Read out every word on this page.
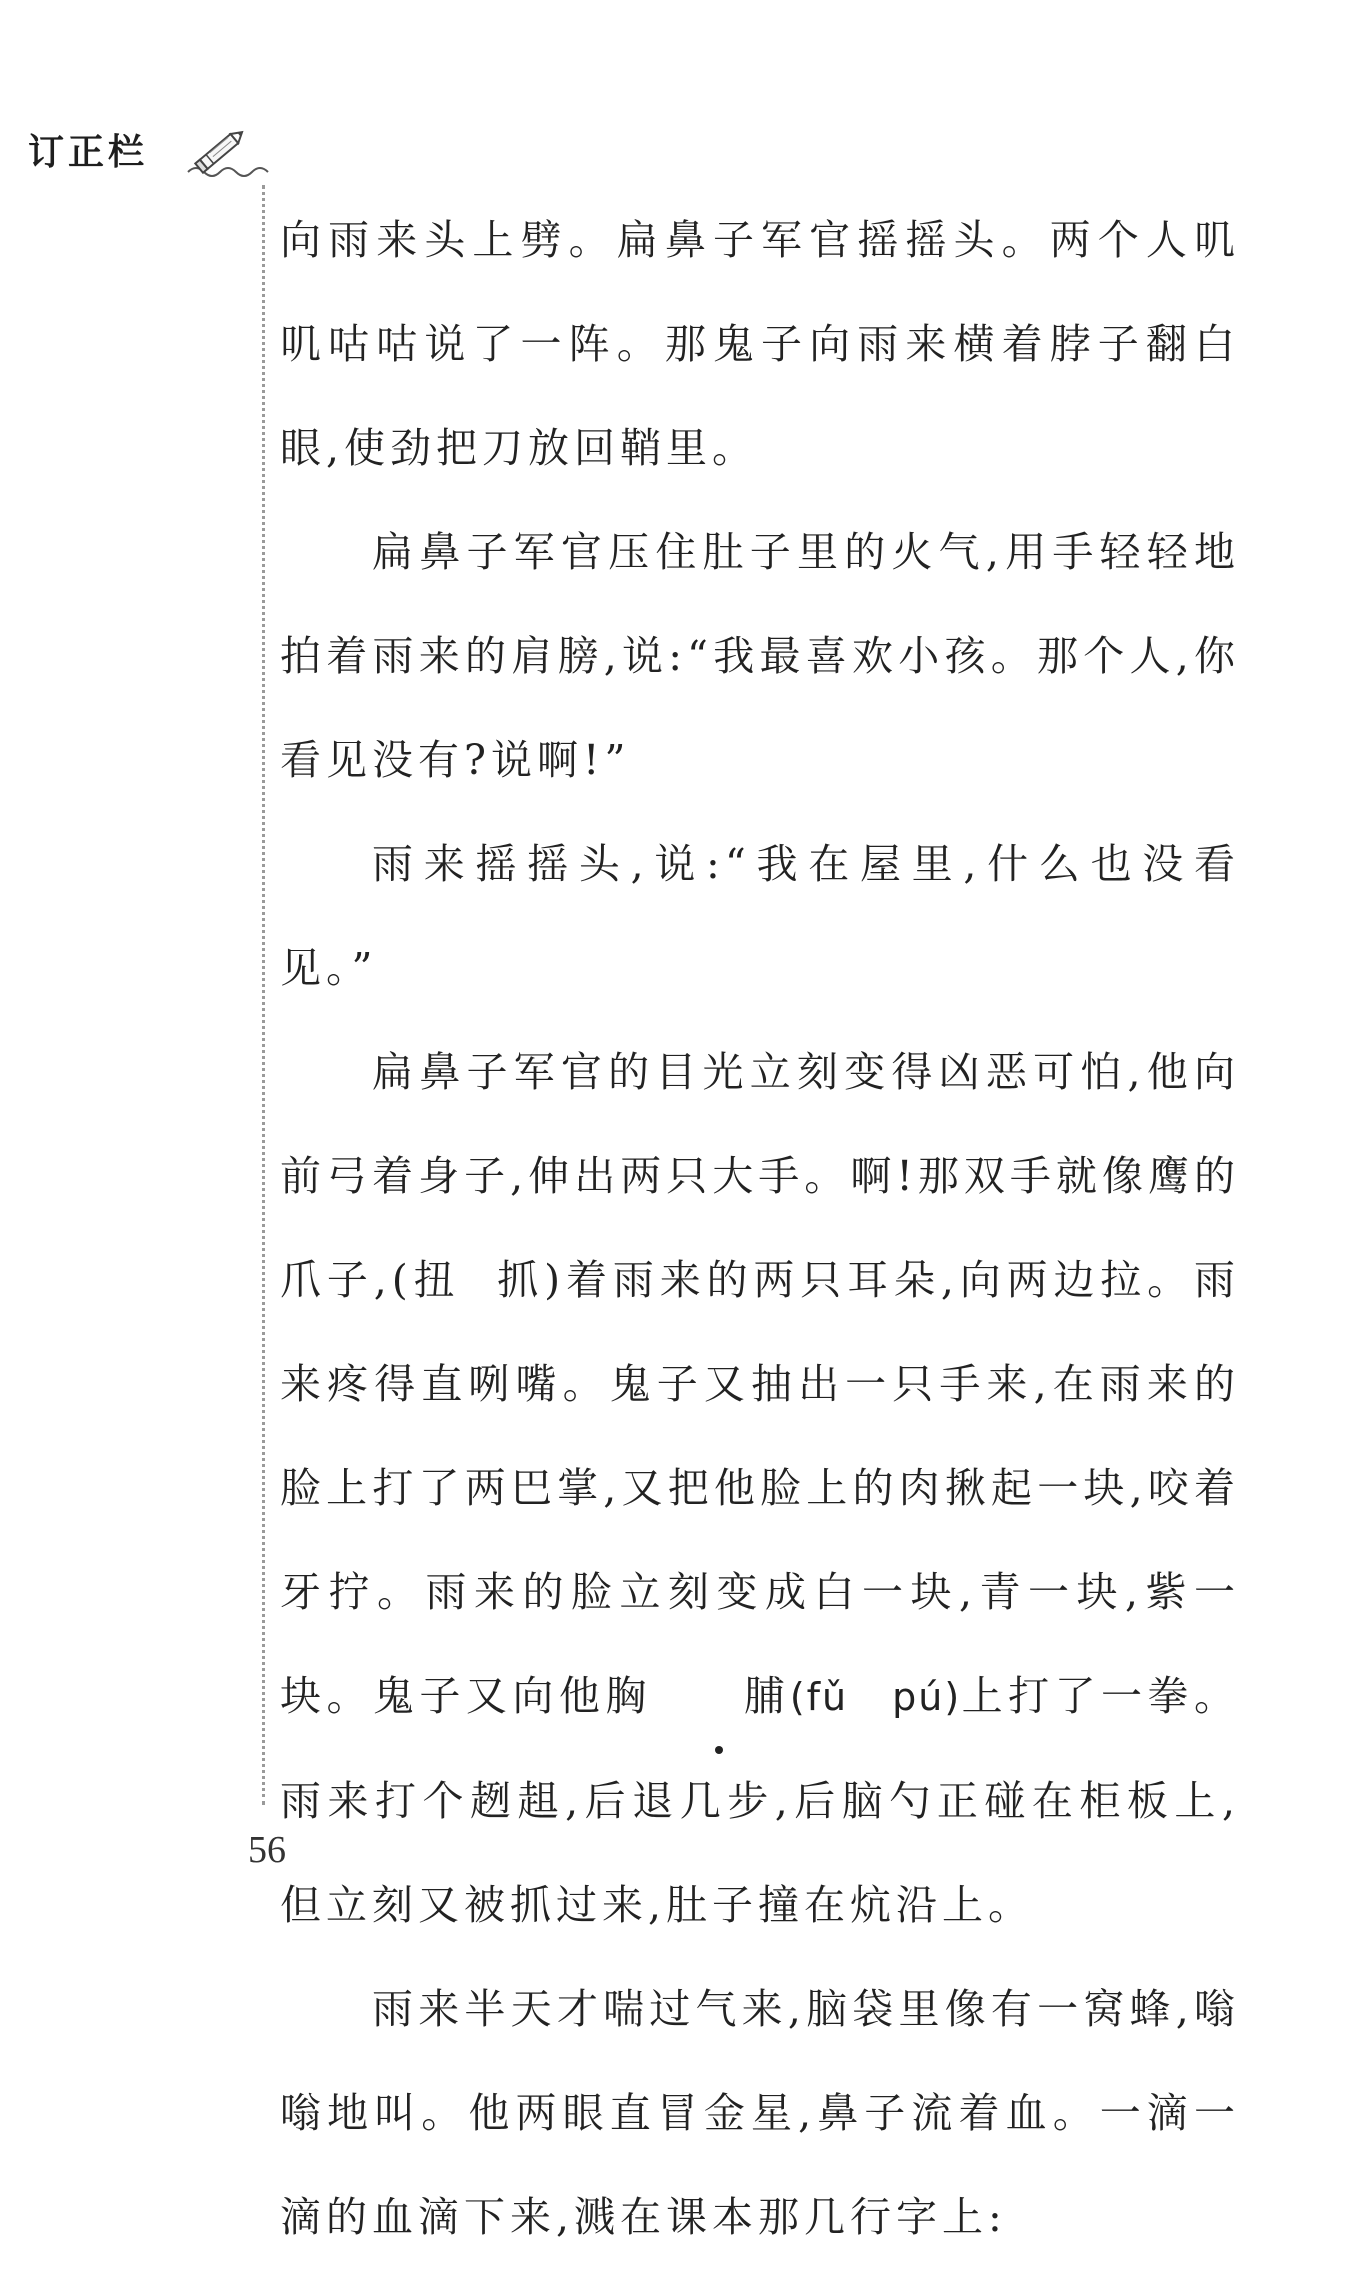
订正栏

向雨来头上劈。扁鼻子军官摇摇头。两个人叽叽咕咕说了一阵。那鬼子向雨来横着脖子翻白眼,使劲把刀放回鞘里。

扁鼻子军官压住肚子里的火气,用手轻轻地拍着雨来的肩膀,说:“我最喜欢小孩。那个人,你看见没有?说啊!”

雨来摇摇头,说:“我在屋里,什么也没看见。”

扁鼻子军官的目光立刻变得凶恶可怕,他向前弓着身子,伸出两只大手。啊!那双手就像鹰的爪子,(扭 抓)着雨来的两只耳朵,向两边拉。雨来疼得直咧嘴。鬼子又抽出一只手来,在雨来的脸上打了两巴掌,又把他脸上的肉揪起一块,咬着牙拧。雨来的脸立刻变成白一块,青一块,紫一块。鬼子又向他胸 脯(fǔ pú)上打了一拳。雨来打个趔趄,后退几步,后脑勺正碰在柜板上,但立刻又被抓过来,肚子撞在炕沿上。

雨来半天才喘过气来,脑袋里像有一窝蜂,嗡嗡地叫。他两眼直冒金星,鼻子流着血。一滴一滴的血滴下来,溅在课本那几行字上:

56
